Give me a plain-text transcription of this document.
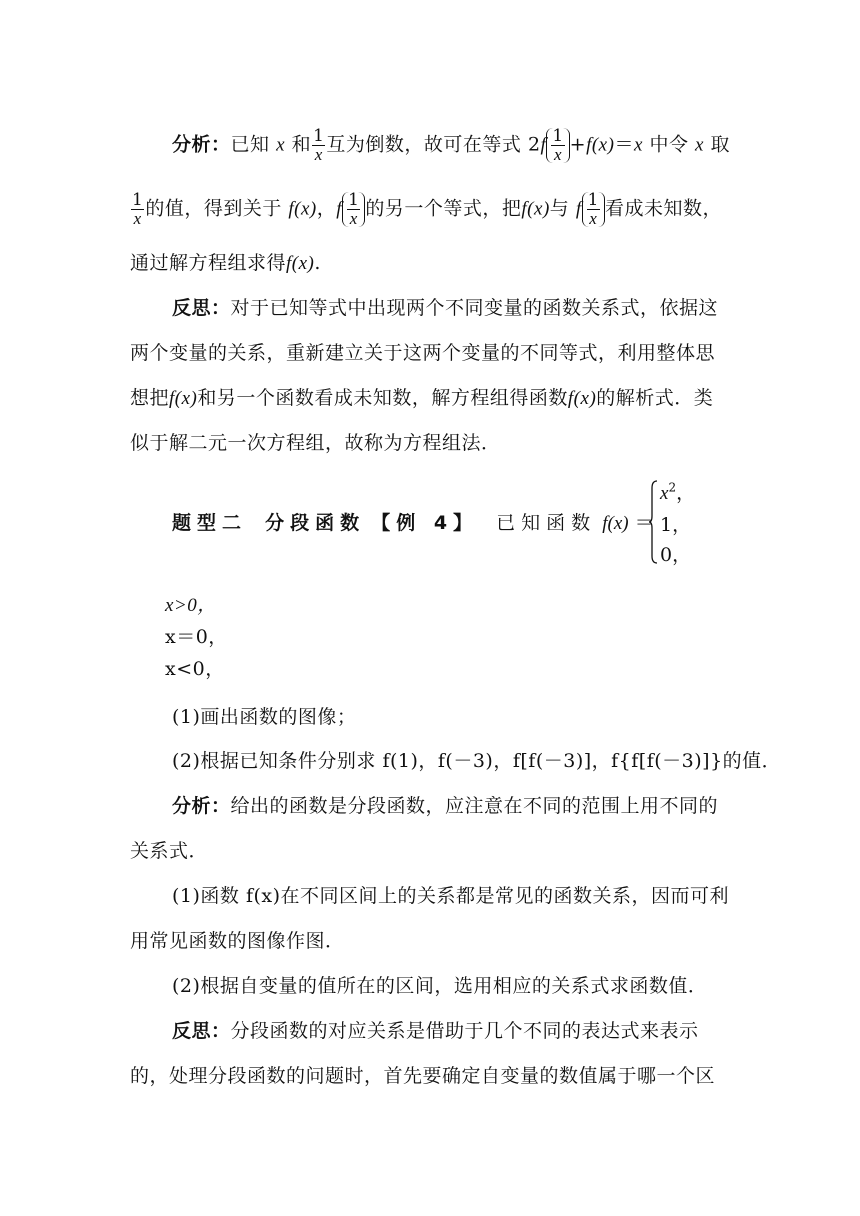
分析：已知 x 和 $\frac{1}{x}$ 互为倒数，故可在等式 $2f \frac{1}{x} +f(x)=x$ 中令 x 取
$\frac{1}{x}$ 的值，得到关于 f(x)，f $\frac{1}{x}$ 的另一个等式，把f(x)与 f $\frac{1}{x}$ 看成未知数，
通过解方程组求得f(x).
反思：对于已知等式中出现两个不同变量的函数关系式，依据这
两个变量的关系，重新建立关于这两个变量的不同等式，利用整体思
想把f(x)和另一个函数看成未知数，解方程组得函数f(x)的解析式．类
似于解二元一次方程组，故称为方程组法．
题型二 分段函数 【例 4】 已知函数 f(x) ＝
$x^2$，
1，
0，
x>0，
x＝0，
x<0，
(1)画出函数的图像；
(2)根据已知条件分别求 f(1)，f(－3)，f[f(－3)]，f{f[f(－3)]}的值．
分析：给出的函数是分段函数，应注意在不同的范围上用不同的
关系式．
(1)函数 f(x)在不同区间上的关系都是常见的函数关系，因而可利
用常见函数的图像作图．
(2)根据自变量的值所在的区间，选用相应的关系式求函数值．
反思：分段函数的对应关系是借助于几个不同的表达式来表示
的，处理分段函数的问题时，首先要确定自变量的数值属于哪一个区
